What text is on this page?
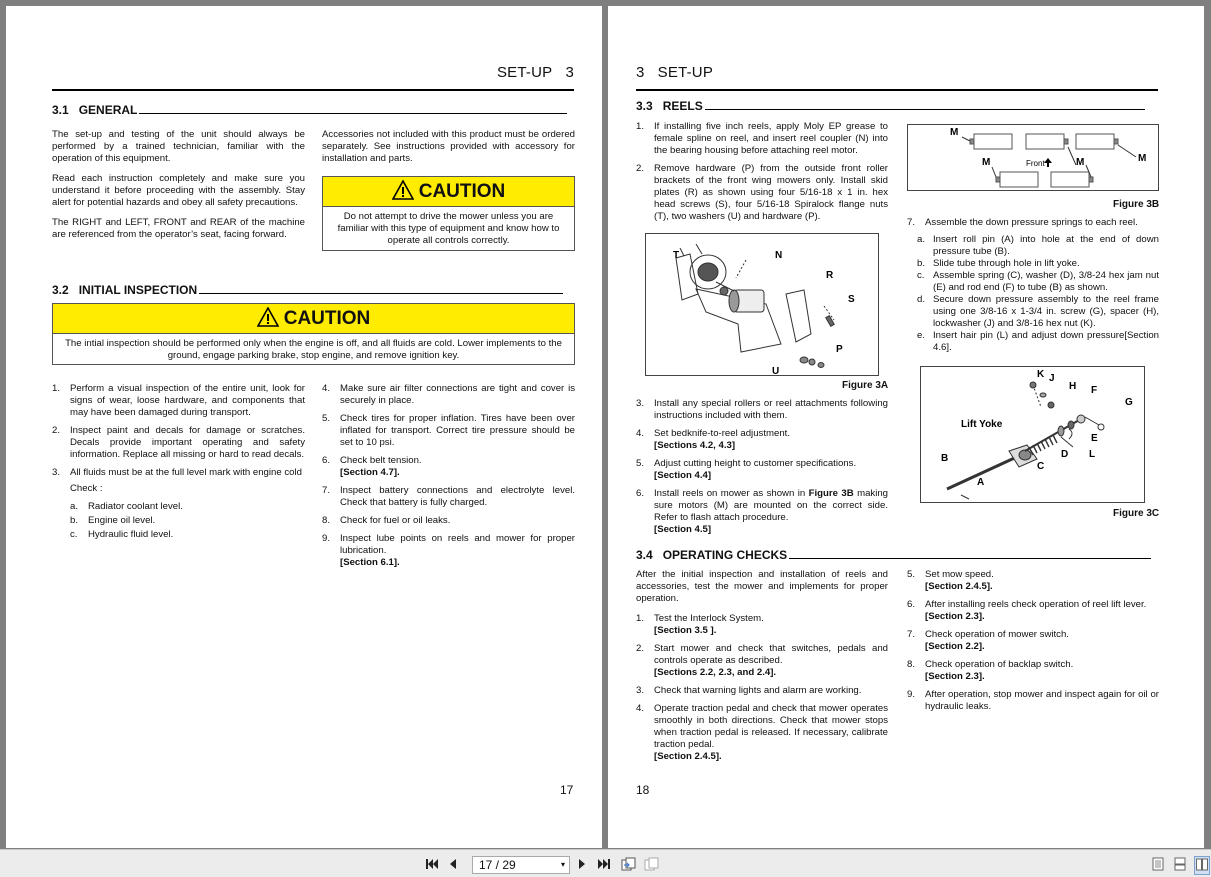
SET-UP 3
3.1 GENERAL

The set-up and testing of the unit should always be performed by a trained technician, familiar with the operation of this equipment.

Read each instruction completely and make sure you understand it before proceeding with the assembly. Stay alert for potential hazards and obey all safety precautions.

The RIGHT and LEFT, FRONT and REAR of the machine are referenced from the operator’s seat, facing forward.

Accessories not included with this product must be ordered separately. See instructions provided with accessory for installation and parts.

CAUTION
Do not attempt to drive the mower unless you are familiar with this type of equipment and know how to operate all controls correctly.
3.2 INITIAL INSPECTION
CAUTION
The intial inspection should be performed only when the engine is off, and all fluids are cold. Lower implements to the ground, engage parking brake, stop engine, and remove ignition key.
1. Perform a visual inspection of the entire unit, look for signs of wear, loose hardware, and components that may have been damaged during transport.
2. Inspect paint and decals for damage or scratches. Decals provide important operating and safety information. Replace all missing or hard to read decals.
3. All fluids must be at the full level mark with engine cold
Check :
a. Radiator coolant level.
b. Engine oil level.
c. Hydraulic fluid level.
4. Make sure air filter connections are tight and cover is securely in place.
5. Check tires for proper inflation. Tires have been over inflated for transport. Correct tire pressure should be set to 10 psi.
6. Check belt tension.
[Section 4.7].
7. Inspect battery connections and electrolyte level. Check that battery is fully charged.
8. Check for fuel or oil leaks.
9. Inspect lube points on reels and mower for proper lubrication.
[Section 6.1].
17
3 SET-UP
3.3 REELS
1. If installing five inch reels, apply Moly EP grease to female spline on reel, and insert reel coupler (N) into the bearing housing before attaching reel motor.
2. Remove hardware (P) from the outside front roller brackets of the front wing mowers only. Install skid plates (R) as shown using four 5/16-18 x 1 in. hex head screws (S), four 5/16-18 Spiralock flange nuts (T), two washers (U) and hardware (P).
T	N
R
S
P
U
Figure 3A
3. Install any special rollers or reel attachments following instructions included with them.
4. Set bedknife-to-reel adjustment.
[Sections 4.2, 4.3]
5. Adjust cutting height to customer specifications.
[Section 4.4]
6. Install reels on mower as shown in Figure 3B making sure motors (M) are mounted on the correct side. Refer to flash attach procedure.
[Section 4.5]
M
M	M	M
Front
Figure 3B
7. Assemble the down pressure springs to each reel.
a. Insert roll pin (A) into hole at the end of down pressure tube (B).
b. Slide tube through hole in lift yoke.
c. Assemble spring (C), washer (D), 3/8-24 hex jam nut (E) and rod end (F) to tube (B) as shown.
d. Secure down pressure assembly to the reel frame using one 3/8-16 x 1-3/4 in. screw (G), spacer (H), lockwasher (J) and 3/8-16 hex nut (K).
e. Insert hair pin (L) and adjust down pressure[Section 4.6].
Lift Yoke
K J
H F
G
E
D L
C
B
A
Figure 3C
3.4 OPERATING CHECKS

After the initial inspection and installation of reels and accessories, test the mower and implements for proper operation.

1. Test the Interlock System.
[Section 3.5 ].
2. Start mower and check that switches, pedals and controls operate as described.
[Sections 2.2, 2.3, and 2.4].
3. Check that warning lights and alarm are working.
4. Operate traction pedal and check that mower operates smoothly in both directions. Check that mower stops when traction pedal is released. If necessary, calibrate traction pedal.
[Section 2.4.5].
5. Set mow speed.
[Section 2.4.5].
6. After installing reels check operation of reel lift lever.
[Section 2.3].
7. Check operation of mower switch.
[Section 2.2].
8. Check operation of backlap switch.
[Section 2.3].
9. After operation, stop mower and inspect again for oil or hydraulic leaks.
18
17 / 29	▾
